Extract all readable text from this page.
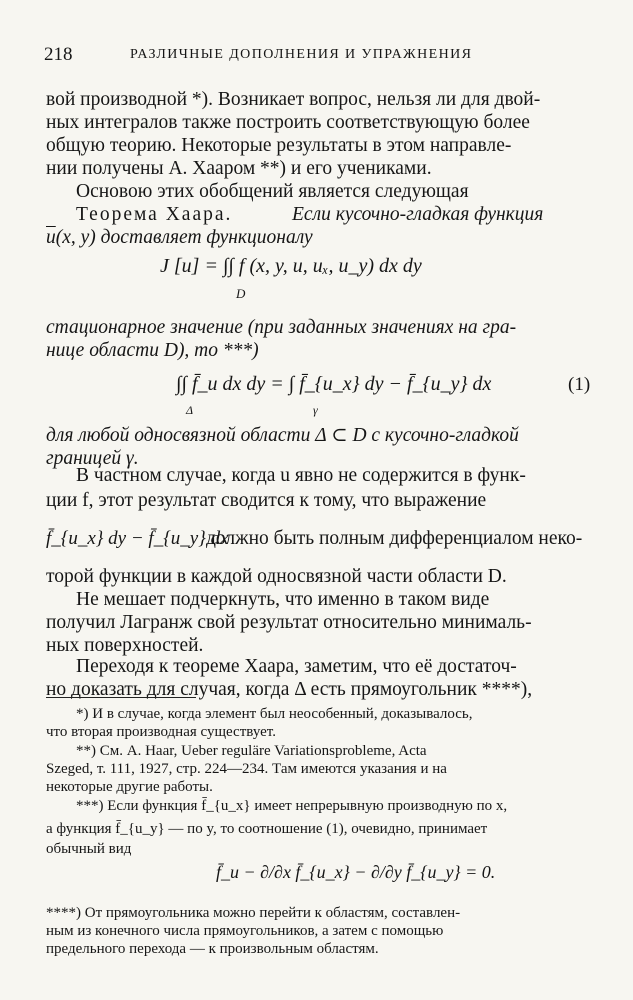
218	РАЗЛИЧНЫЕ ДОПОЛНЕНИЯ И УПРАЖНЕНИЯ
вой производной *). Возникает вопрос, нельзя ли для двой-
ных интегралов также построить соответствующую более
общую теорию. Некоторые результаты в этом направле-
нии получены А. Хааром **) и его учениками.
Основою этих обобщений является следующая
Теорема Хаара.	Если кусочно-гладкая функция
$\overline{u}(x$, y) доставляет функционалу
J [u] = ∫∫ f (x, y, u, uₓ, u_y) dx dy
D
стационарное значение (при заданных значениях на гра-
нице области D), то ***)
∫∫ f̄_u dx dy = ∫ f̄_{u_x} dy − f̄_{u_y} dx
Δ	γ
(1)
для любой односвязной области Δ ⊂ D с кусочно-гладкой
границей γ.
В частном случае, когда u явно не содержится в функ-
ции f, этот результат сводится к тому, что выражение
f̄_{u_x} dy − f̄_{u_y} dx
должно быть полным дифференциалом неко-
торой функции в каждой односвязной части области D.
Не мешает подчеркнуть, что именно в таком виде
получил Лагранж свой результат относительно минималь-
ных поверхностей.
Переходя к теореме Хаара, заметим, что её достаточ-
но доказать для случая, когда Δ есть прямоугольник ****),
*) И в случае, когда элемент был неособенный, доказывалось,
что вторая производная существует.
**) См. A. Haar, Ueber reguläre Variationsprobleme, Acta
Szeged, т. 111, 1927, стр. 224—234. Там имеются указания и на
некоторые другие работы.
***) Если функция f̄_{u_x} имеет непрерывную производную по x,
а функция f̄_{u_y} — по y, то соотношение (1), очевидно, принимает
обычный вид
f̄_u − ∂/∂x f̄_{u_x} − ∂/∂y f̄_{u_y} = 0.
****) От прямоугольника можно перейти к областям, составлен-
ным из конечного числа прямоугольников, а затем с помощью
предельного перехода — к произвольным областям.
